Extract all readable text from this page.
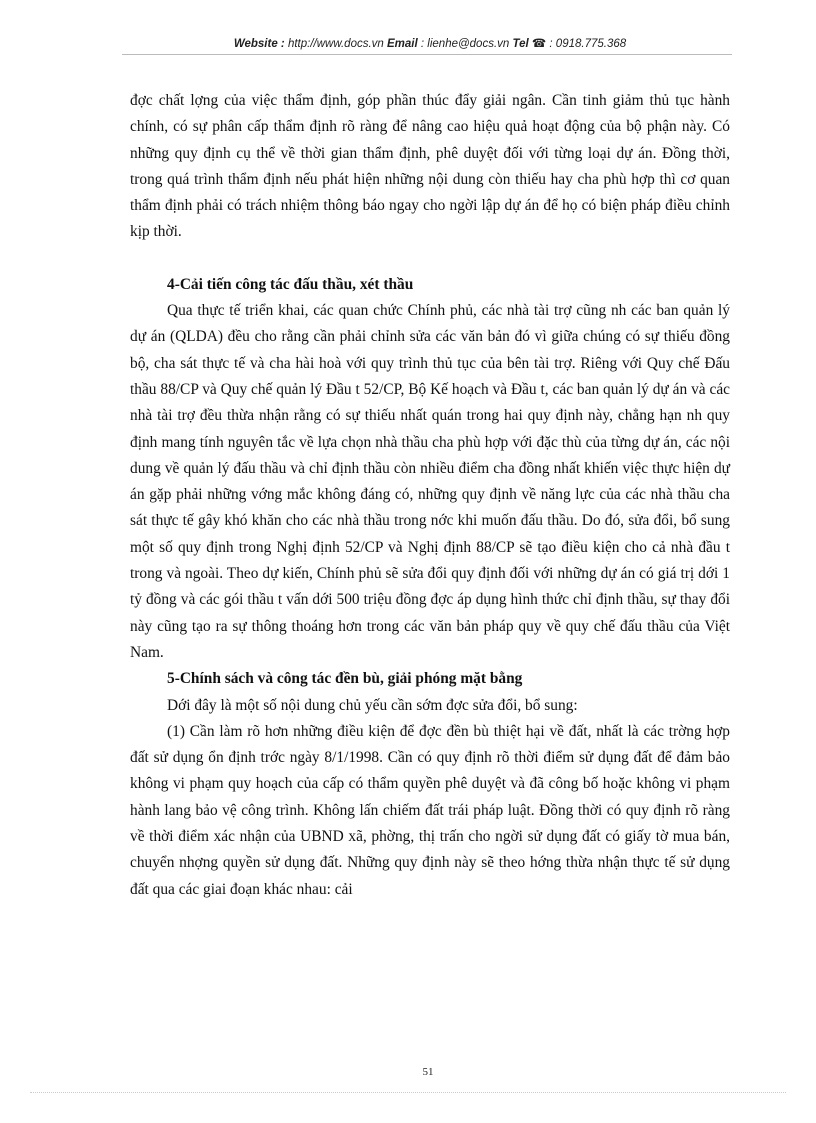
Website : http://www.docs.vn Email : lienhe@docs.vn Tel ☎ : 0918.775.368

đợc chất lợng của việc thẩm định, góp phần thúc đẩy giải ngân. Cần tinh giảm thủ tục hành chính, có sự phân cấp thẩm định rõ ràng để nâng cao hiệu quả hoạt động của bộ phận này. Có những quy định cụ thể về thời gian thẩm định, phê duyệt đối với từng loại dự án. Đồng thời, trong quá trình thẩm định nếu phát hiện những nội dung còn thiếu hay cha phù hợp thì cơ quan thẩm định phải có trách nhiệm thông báo ngay cho ngời lập dự án để họ có biện pháp điều chỉnh kịp thời.

4-Cải tiến công tác đấu thầu, xét thầu

Qua thực tế triển khai, các quan chức Chính phủ, các nhà tài trợ cũng nh các ban quản lý dự án (QLDA) đều cho rằng cần phải chỉnh sửa các văn bản đó vì giữa chúng có sự thiếu đồng bộ, cha sát thực tế và cha hài hoà với quy trình thủ tục của bên tài trợ. Riêng với Quy chế Đấu thầu 88/CP và Quy chế quản lý Đầu t 52/CP, Bộ Kế hoạch và Đầu t, các ban quản lý dự án và các nhà tài trợ đều thừa nhận rằng có sự thiếu nhất quán trong hai quy định này, chẳng hạn nh quy định mang tính nguyên tắc về lựa chọn nhà thầu cha phù hợp với đặc thù của từng dự án, các nội dung về quản lý đấu thầu và chỉ định thầu còn nhiều điểm cha đồng nhất khiến việc thực hiện dự án gặp phải những vớng mắc không đáng có, những quy định về năng lực của các nhà thầu cha sát thực tế gây khó khăn cho các nhà thầu trong nớc khi muốn đấu thầu. Do đó, sửa đổi, bổ sung một số quy định trong Nghị định 52/CP và Nghị định 88/CP sẽ tạo điều kiện cho cả nhà đầu t trong và ngoài. Theo dự kiến, Chính phủ sẽ sửa đổi quy định đối với những dự án có giá trị dới 1 tỷ đồng và các gói thầu t vấn dới 500 triệu đồng đợc áp dụng hình thức chỉ định thầu, sự thay đổi này cũng tạo ra sự thông thoáng hơn trong các văn bản pháp quy về quy chế đấu thầu của Việt Nam.

5-Chính sách và công tác đền bù, giải phóng mặt bằng

Dới đây là một số nội dung chủ yếu cần sớm đợc sửa đổi, bổ sung:

(1) Cần làm rõ hơn những điều kiện để đợc đền bù thiệt hại về đất, nhất là các trờng hợp đất sử dụng ổn định trớc ngày 8/1/1998. Cần có quy định rõ thời điểm sử dụng đất để đảm bảo không vi phạm quy hoạch của cấp có thẩm quyền phê duyệt và đã công bố hoặc không vi phạm hành lang bảo vệ công trình. Không lấn chiếm đất trái pháp luật. Đồng thời có quy định rõ ràng về thời điểm xác nhận của UBND xã, phờng, thị trấn cho ngời sử dụng đất có giấy tờ mua bán, chuyển nhợng quyền sử dụng đất. Những quy định này sẽ theo hớng thừa nhận thực tế sử dụng đất qua các giai đoạn khác nhau: cải

51
